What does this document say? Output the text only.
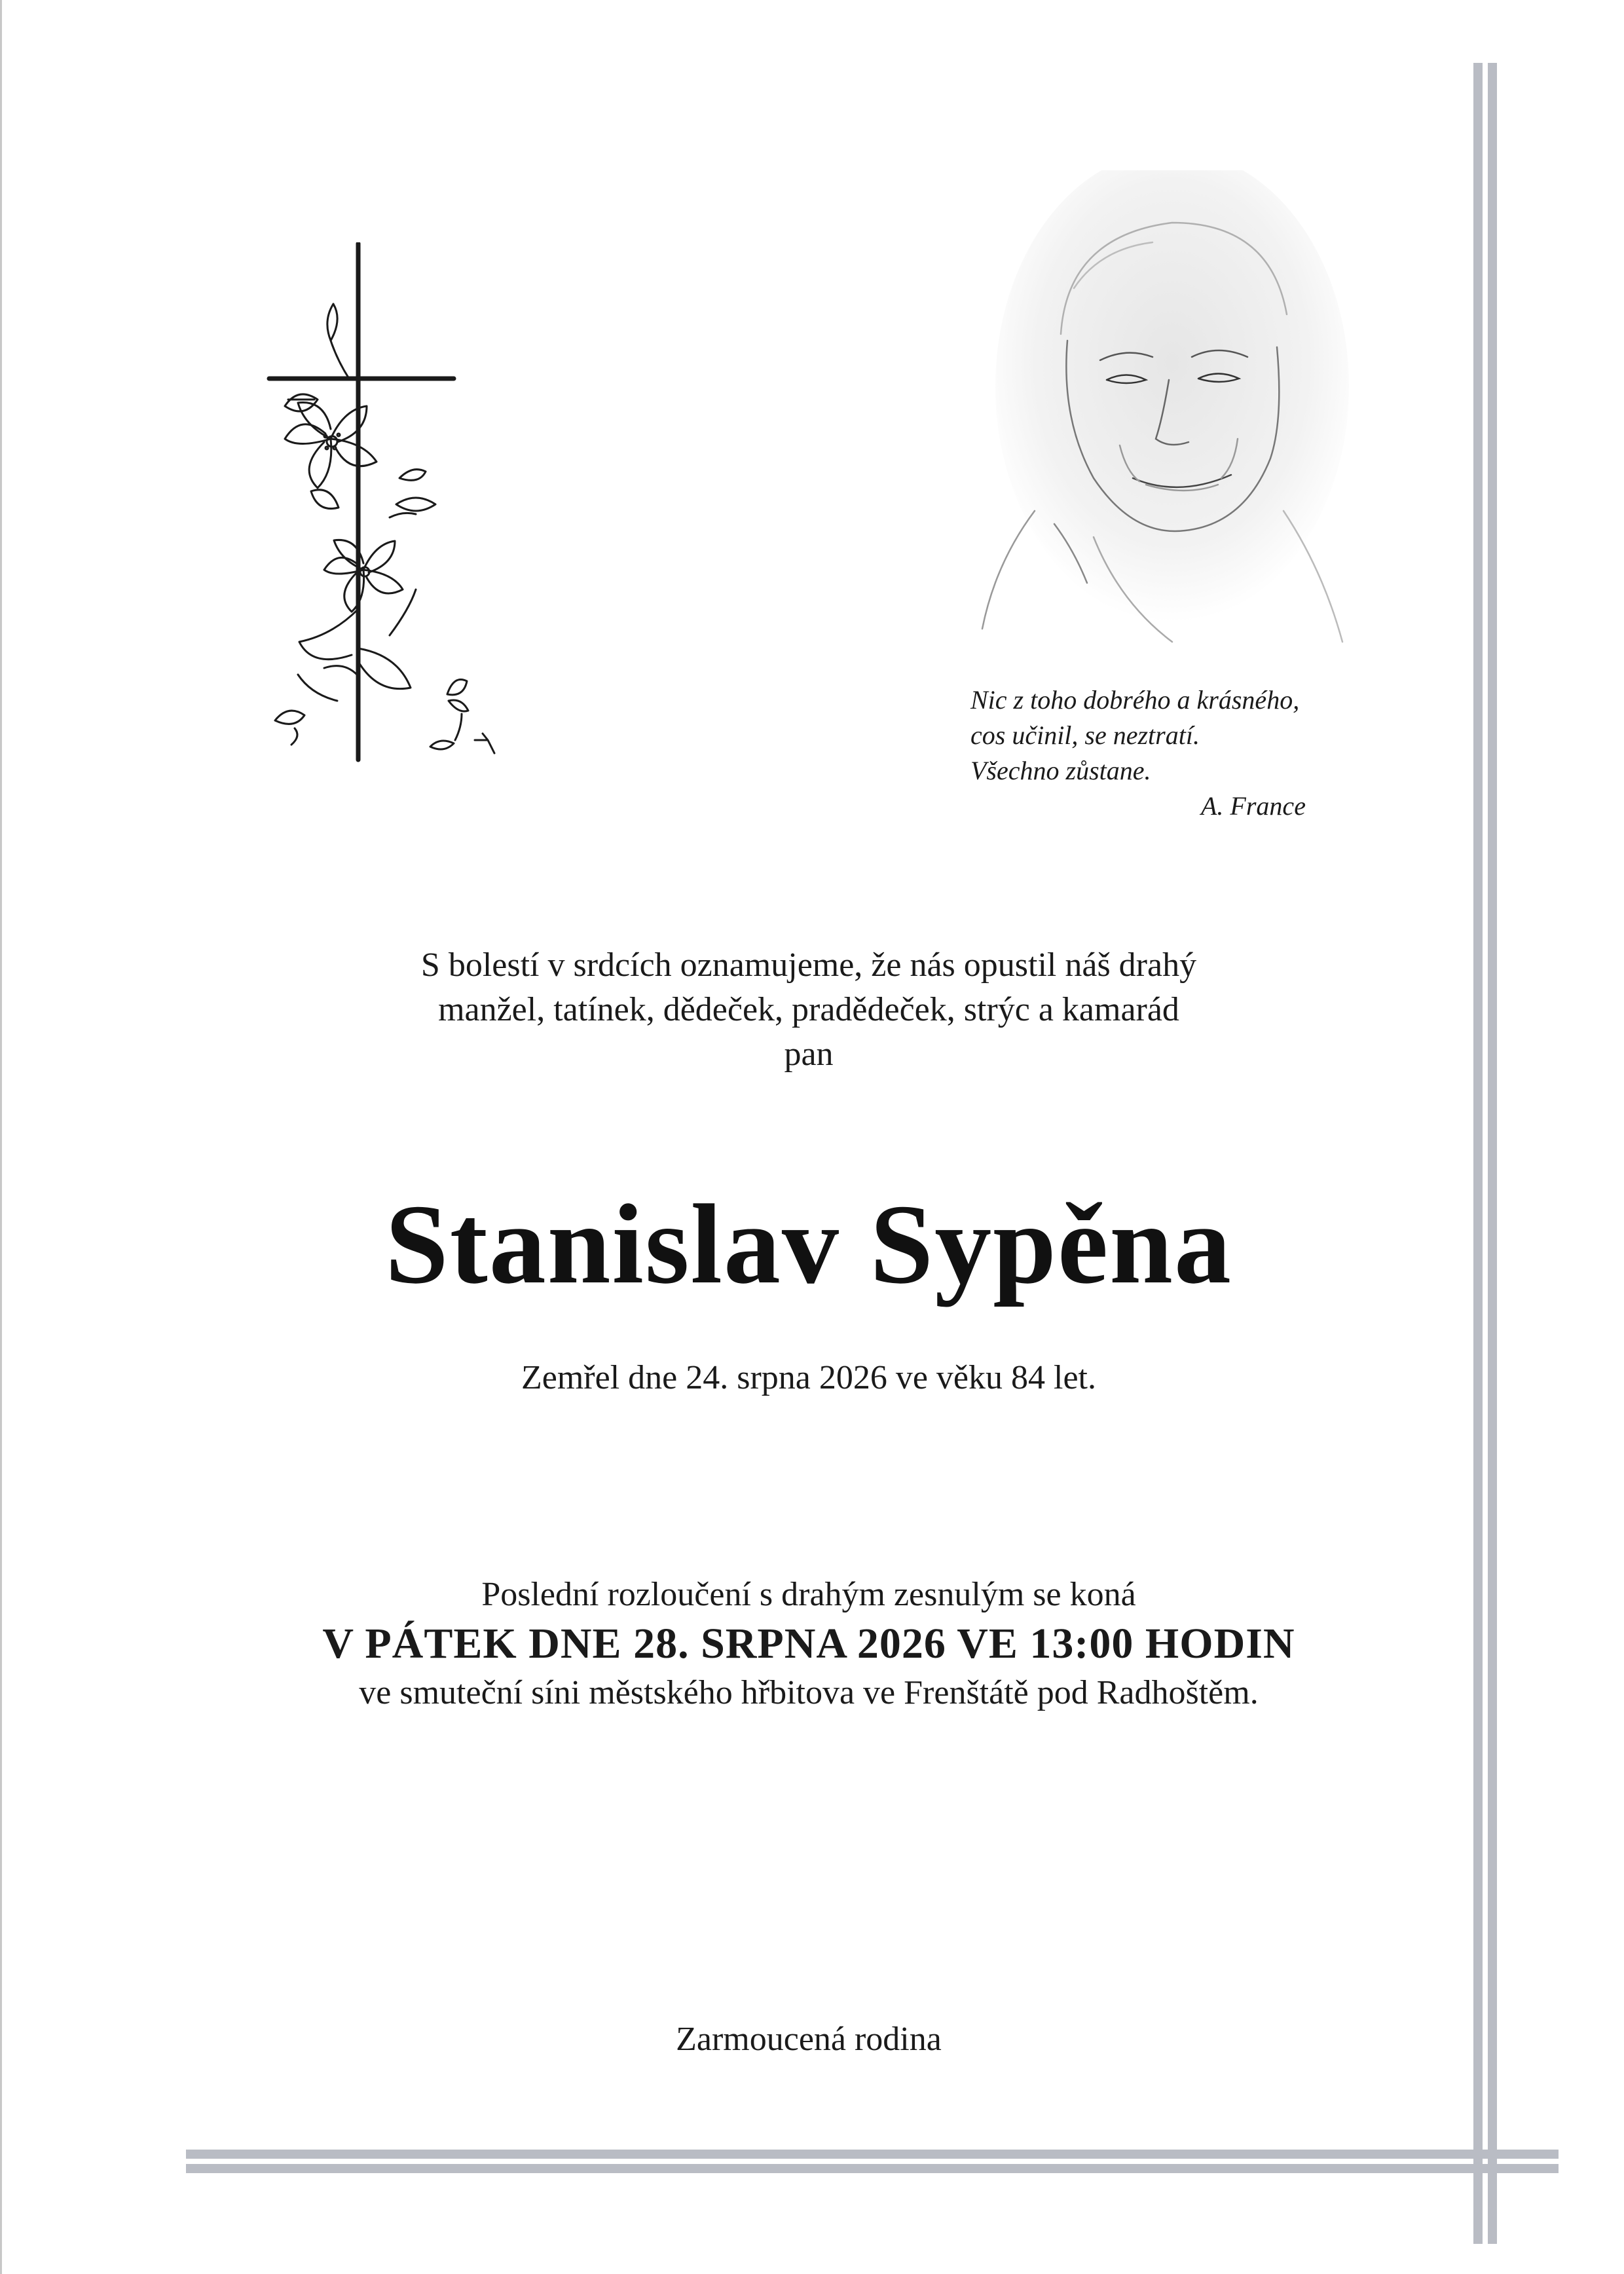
Nic z toho dobrého a krásného,
cos učinil, se neztratí.
Všechno zůstane.
A. France
S bolestí v srdcích oznamujeme, že nás opustil náš drahý
manžel, tatínek, dědeček, pradědeček, strýc a kamarád
pan
Stanislav Sypěna
Zemřel dne 24. srpna 2026 ve věku 84 let.
Poslední rozloučení s drahým zesnulým se koná
V PÁTEK DNE 28. SRPNA 2026 VE 13:00 HODIN
ve smuteční síni městského hřbitova ve Frenštátě pod Radhoštěm.
Zarmoucená rodina
